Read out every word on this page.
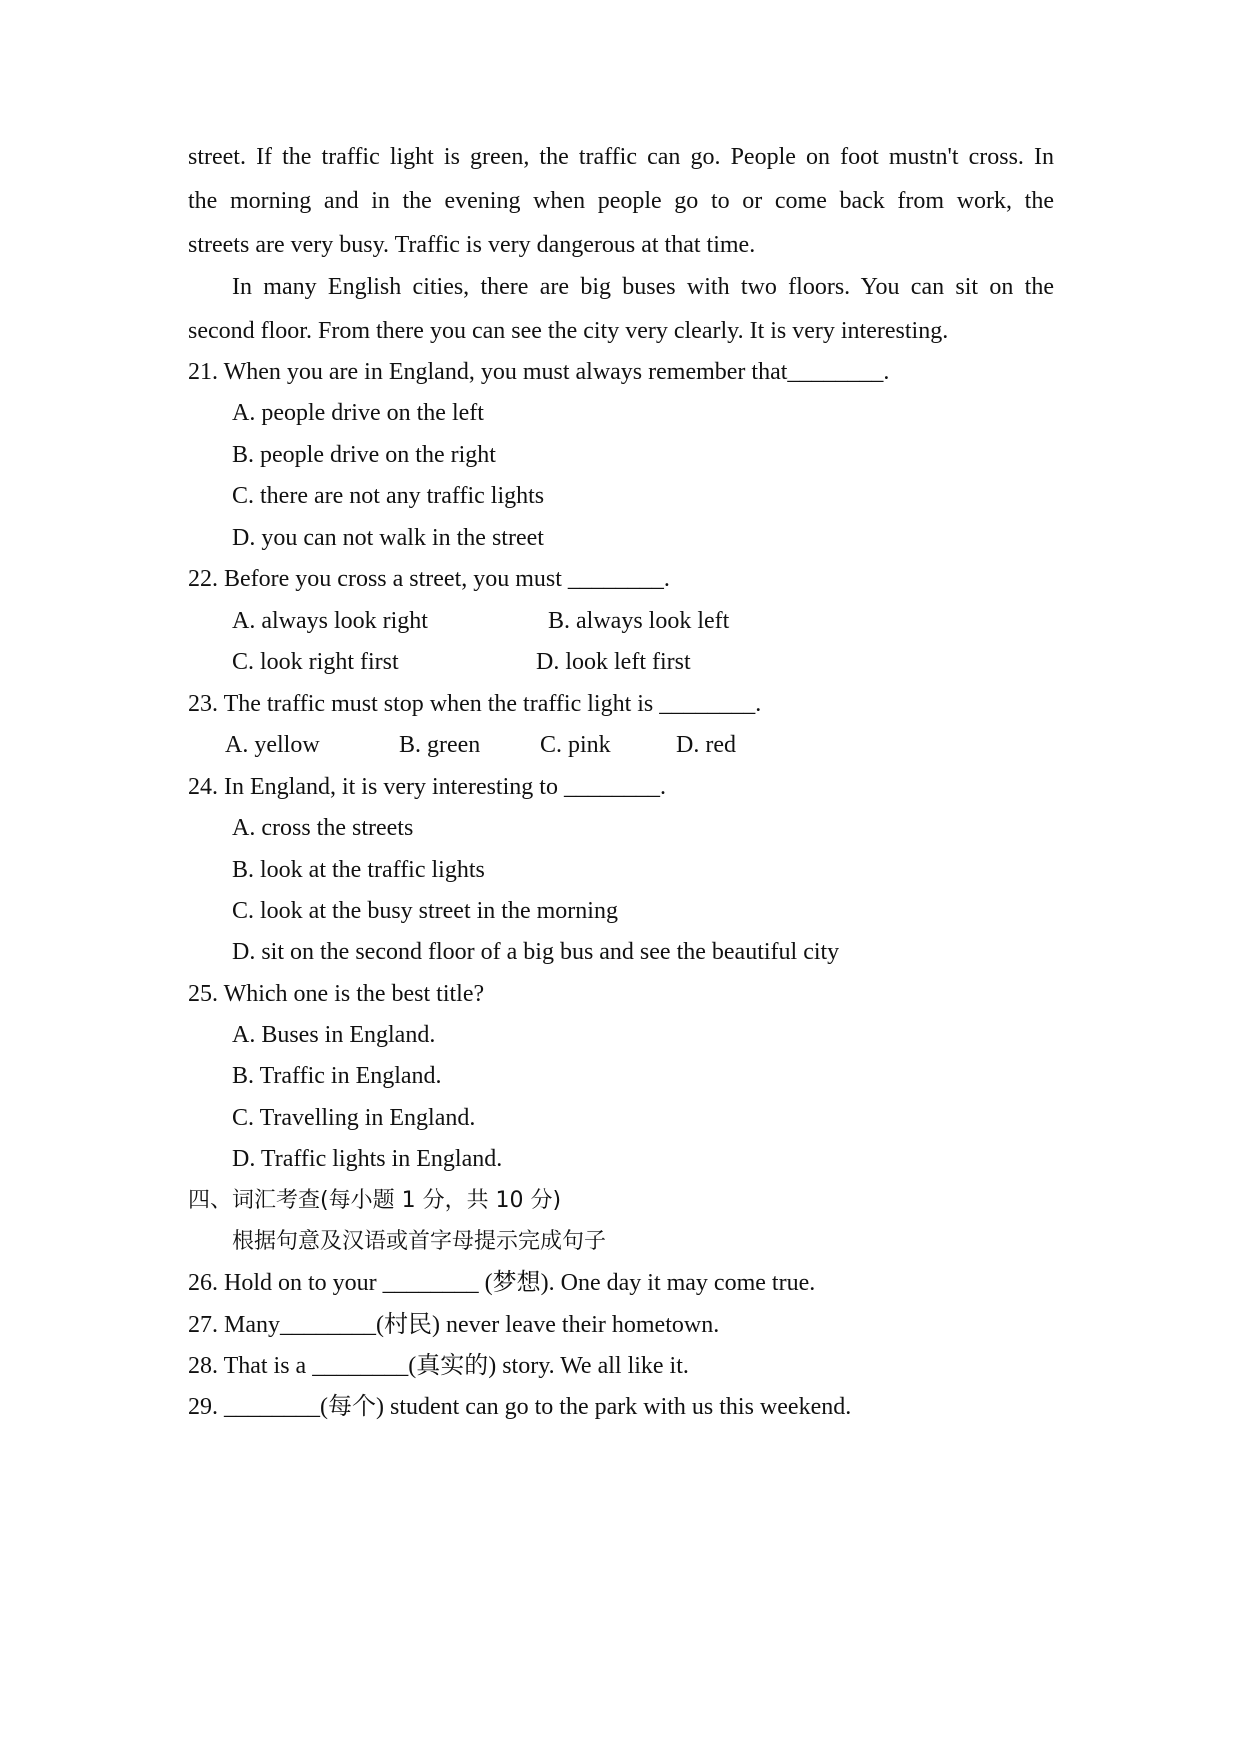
street. If the traffic light is green, the traffic can go. People on foot mustn't cross. In
the morning and in the evening when people go to or come back from work, the
streets are very busy. Traffic is very dangerous at that time.
In many English cities, there are big buses with two floors. You can sit on the
second floor. From there you can see the city very clearly. It is very interesting.
21. When you are in England, you must always remember that________.
A. people drive on the left
B. people drive on the right
C. there are not any traffic lights
D. you can not walk in the street
22. Before you cross a street, you must ________.
A. always look right	B. always look left
C. look right first	D. look left first
23. The traffic must stop when the traffic light is ________.
A. yellow	B. green C. pink	D. red
24. In England, it is very interesting to ________.
A. cross the streets
B. look at the traffic lights
C. look at the busy street in the morning
D. sit on the second floor of a big bus and see the beautiful city
25. Which one is the best title?
A. Buses in England.
B. Traffic in England.
C. Travelling in England.
D. Traffic lights in England.
四、词汇考查(每小题 1 分，共 10 分)
根据句意及汉语或首字母提示完成句子
26. Hold on to your ________ (梦想). One day it may come true.
27. Many________(村民) never leave their hometown.
28. That is a ________(真实的) story. We all like it.
29. ________(每个) student can go to the park with us this weekend.
